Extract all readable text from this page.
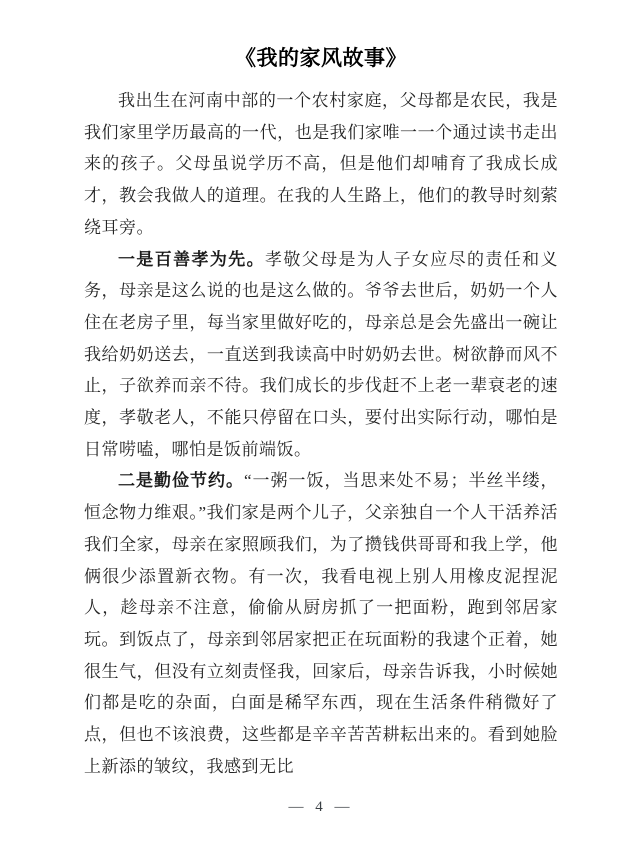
《我的家风故事》

我出生在河南中部的一个农村家庭，父母都是农民，我是我们家里学历最高的一代，也是我们家唯一一个通过读书走出来的孩子。父母虽说学历不高，但是他们却哺育了我成长成才，教会我做人的道理。在我的人生路上，他们的教导时刻萦绕耳旁。

一是百善孝为先。孝敬父母是为人子女应尽的责任和义务，母亲是这么说的也是这么做的。爷爷去世后，奶奶一个人住在老房子里，每当家里做好吃的，母亲总是会先盛出一碗让我给奶奶送去，一直送到我读高中时奶奶去世。树欲静而风不止，子欲养而亲不待。我们成长的步伐赶不上老一辈衰老的速度，孝敬老人，不能只停留在口头，要付出实际行动，哪怕是日常唠嗑，哪怕是饭前端饭。

二是勤俭节约。“一粥一饭，当思来处不易；半丝半缕，恒念物力维艰。”我们家是两个儿子，父亲独自一个人干活养活我们全家，母亲在家照顾我们，为了攒钱供哥哥和我上学，他俩很少添置新衣物。有一次，我看电视上别人用橡皮泥捏泥人，趁母亲不注意，偷偷从厨房抓了一把面粉，跑到邻居家玩。到饭点了，母亲到邻居家把正在玩面粉的我逮个正着，她很生气，但没有立刻责怪我，回家后，母亲告诉我，小时候她们都是吃的杂面，白面是稀罕东西，现在生活条件稍微好了点，但也不该浪费，这些都是辛辛苦苦耕耘出来的。看到她脸上新添的皱纹，我感到无比

— 4 —
